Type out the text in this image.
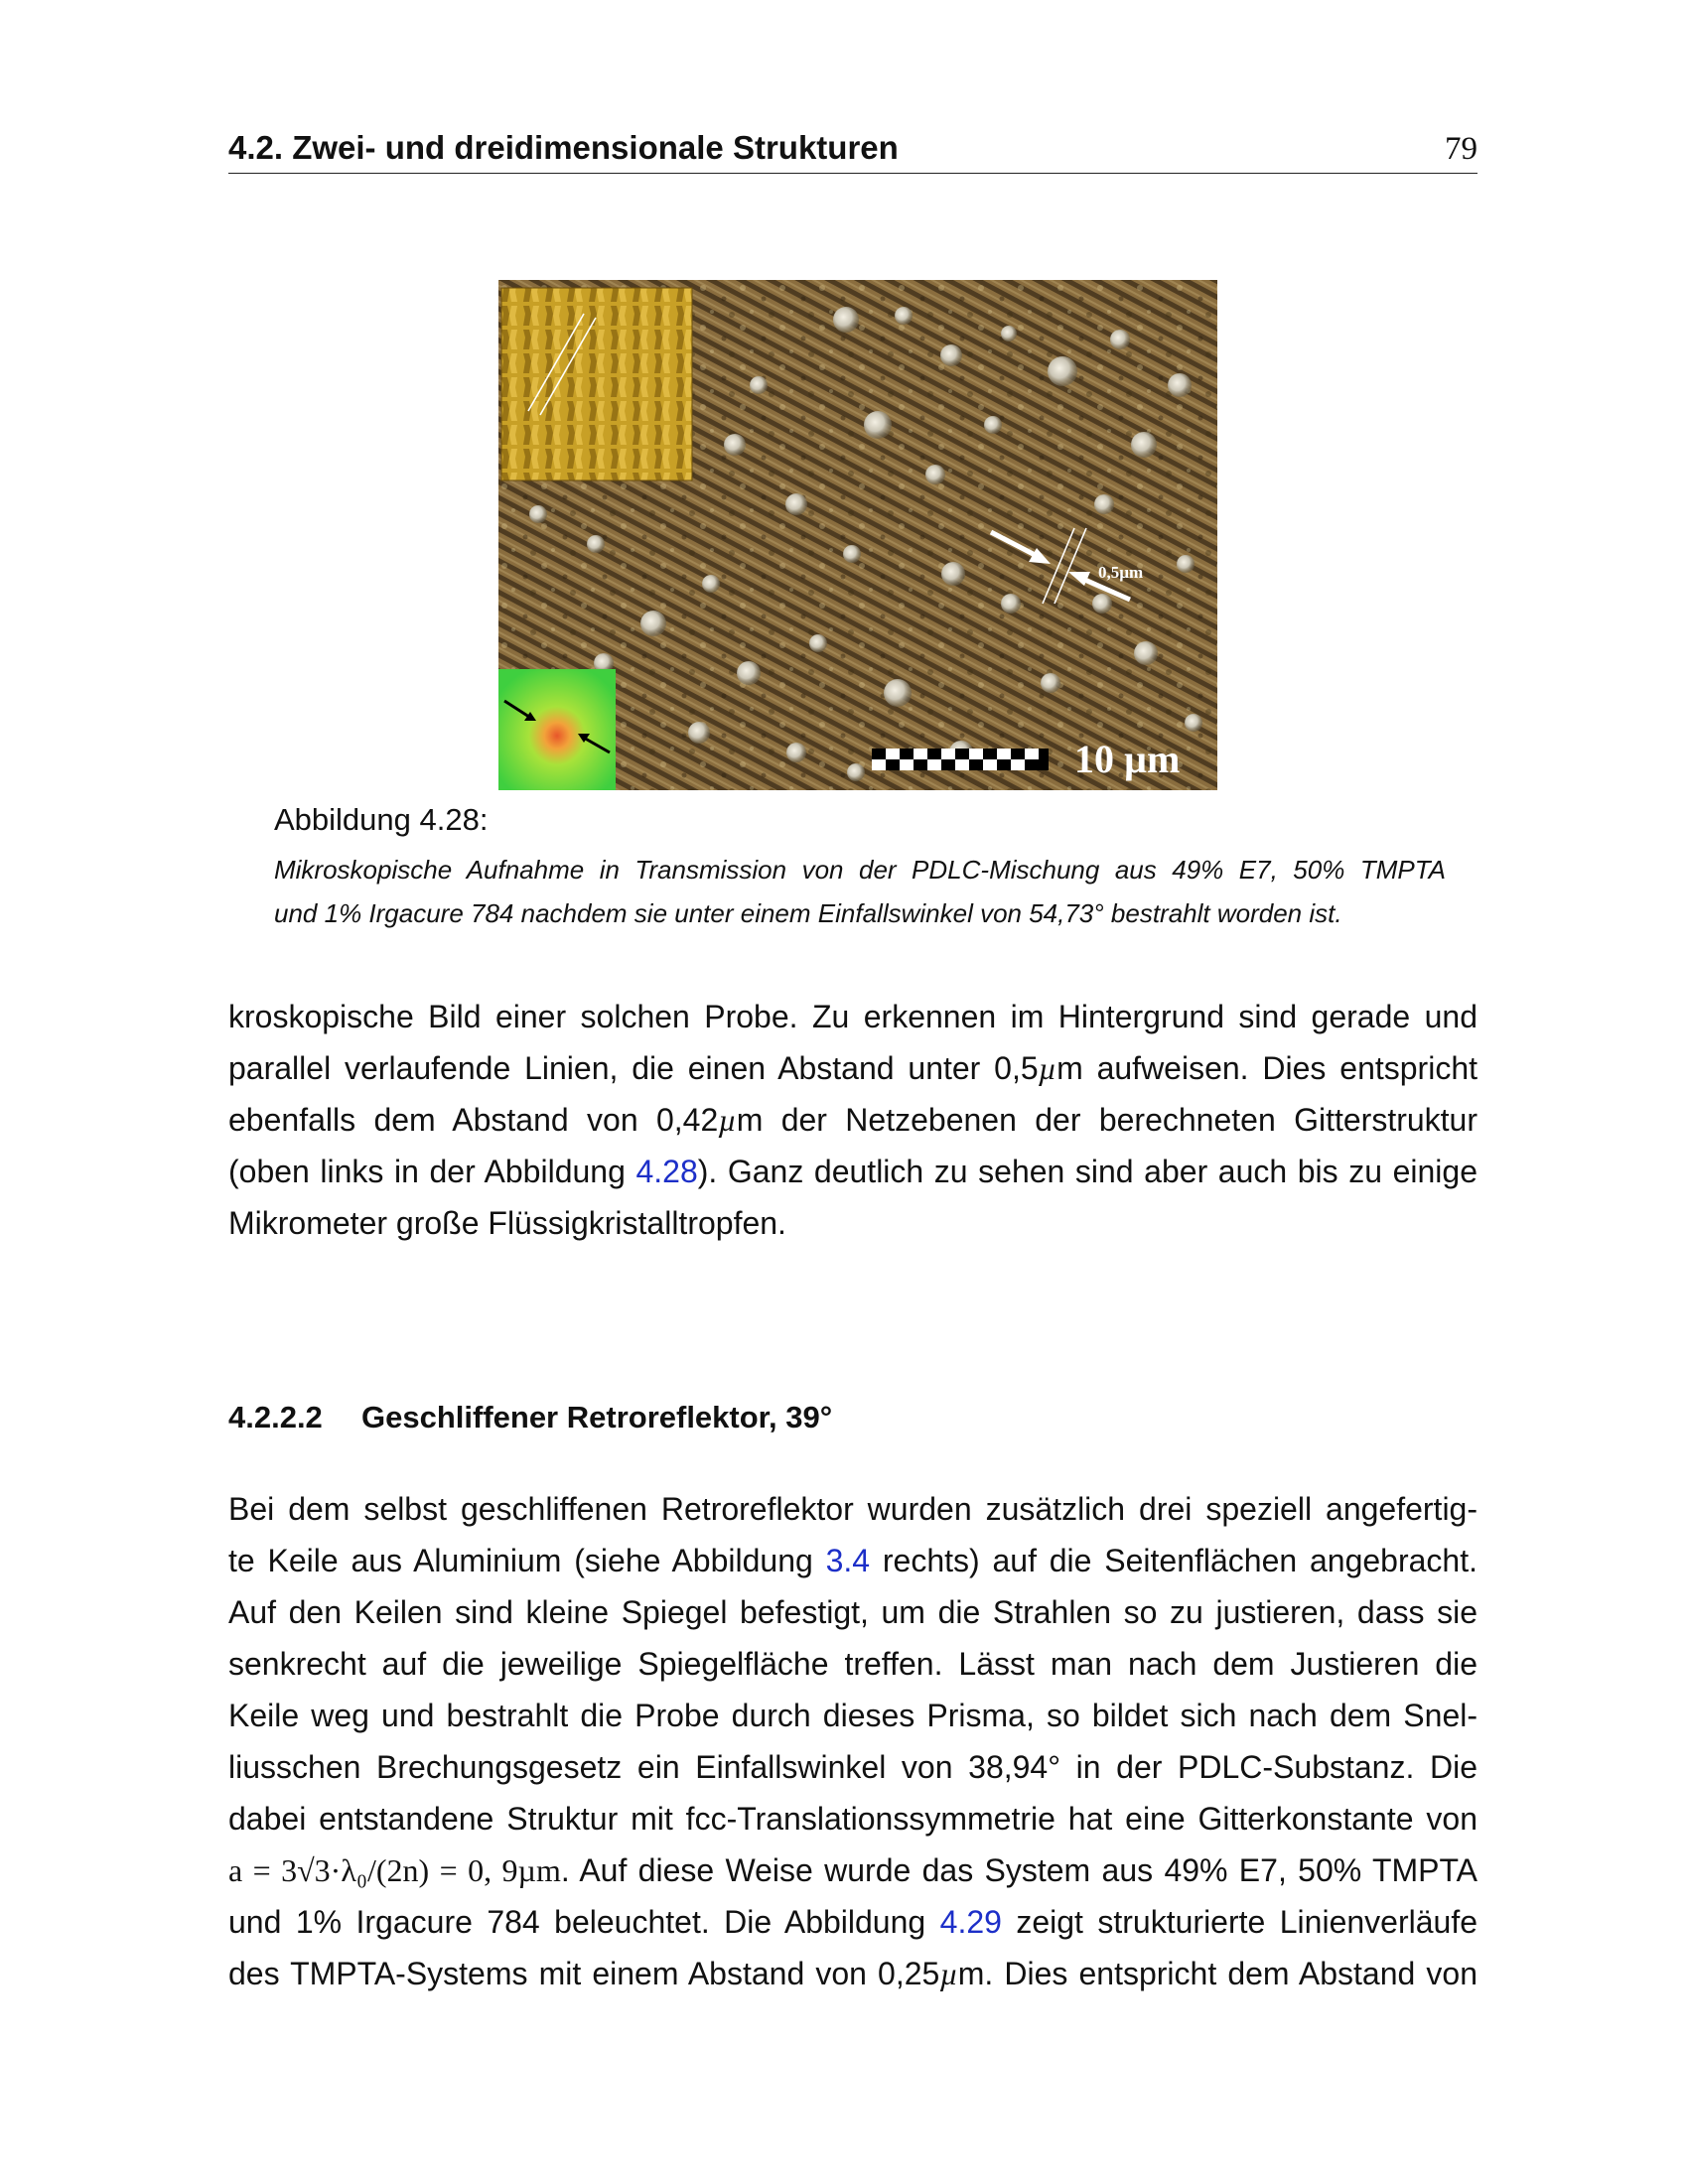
4.2. Zwei- und dreidimensionale Strukturen	79
0,5µm
10 µm
Abbildung 4.28:
Mikroskopische Aufnahme in Transmission von der PDLC-Mischung aus 49% E7, 50% TMPTA
und 1% Irgacure 784 nachdem sie unter einem Einfallswinkel von 54,73° bestrahlt worden ist.
kroskopische Bild einer solchen Probe. Zu erkennen im Hintergrund sind gerade und
parallel verlaufende Linien, die einen Abstand unter 0,5µm aufweisen. Dies entspricht
ebenfalls dem Abstand von 0,42µm der Netzebenen der berechneten Gitterstruktur
(oben links in der Abbildung 4.28). Ganz deutlich zu sehen sind aber auch bis zu einige
Mikrometer große Flüssigkristalltropfen.
4.2.2.2 Geschliffener Retroreflektor, 39°
Bei dem selbst geschliffenen Retroreflektor wurden zusätzlich drei speziell angefertig-
te Keile aus Aluminium (siehe Abbildung 3.4 rechts) auf die Seitenflächen angebracht.
Auf den Keilen sind kleine Spiegel befestigt, um die Strahlen so zu justieren, dass sie
senkrecht auf die jeweilige Spiegelfläche treffen. Lässt man nach dem Justieren die
Keile weg und bestrahlt die Probe durch dieses Prisma, so bildet sich nach dem Snel-
liusschen Brechungsgesetz ein Einfallswinkel von 38,94° in der PDLC-Substanz. Die
dabei entstandene Struktur mit fcc-Translationssymmetrie hat eine Gitterkonstante von
a = 3√3·λ₀/(2n) = 0, 9µm. Auf diese Weise wurde das System aus 49% E7, 50% TMPTA
und 1% Irgacure 784 beleuchtet. Die Abbildung 4.29 zeigt strukturierte Linienverläufe
des TMPTA-Systems mit einem Abstand von 0,25µm. Dies entspricht dem Abstand von
